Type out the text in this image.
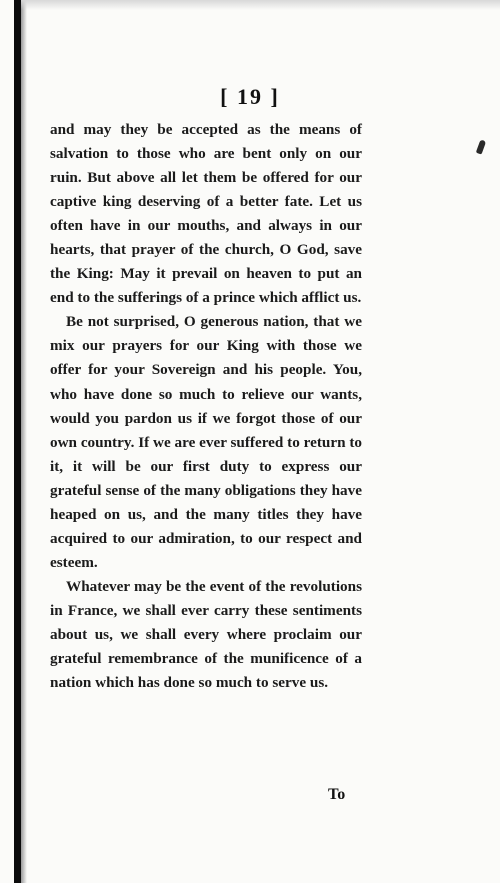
[ 19 ]

and may they be accepted as the means of salvation to those who are bent only on our ruin. But above all let them be offered for our captive king deserving of a better fate. Let us often have in our mouths, and always in our hearts, that prayer of the church, O God, save the King: May it prevail on heaven to put an end to the sufferings of a prince which afflict us.

Be not surprised, O generous nation, that we mix our prayers for our King with those we offer for your Sovereign and his people. You, who have done so much to relieve our wants, would you pardon us if we forgot those of our own country. If we are ever suffered to return to it, it will be our first duty to express our grateful sense of the many obligations they have heaped on us, and the many titles they have acquired to our admiration, to our respect and esteem.

Whatever may be the event of the revolutions in France, we shall ever carry these sentiments about us, we shall every where proclaim our grateful remembrance of the munificence of a nation which has done so much to serve us.

To
